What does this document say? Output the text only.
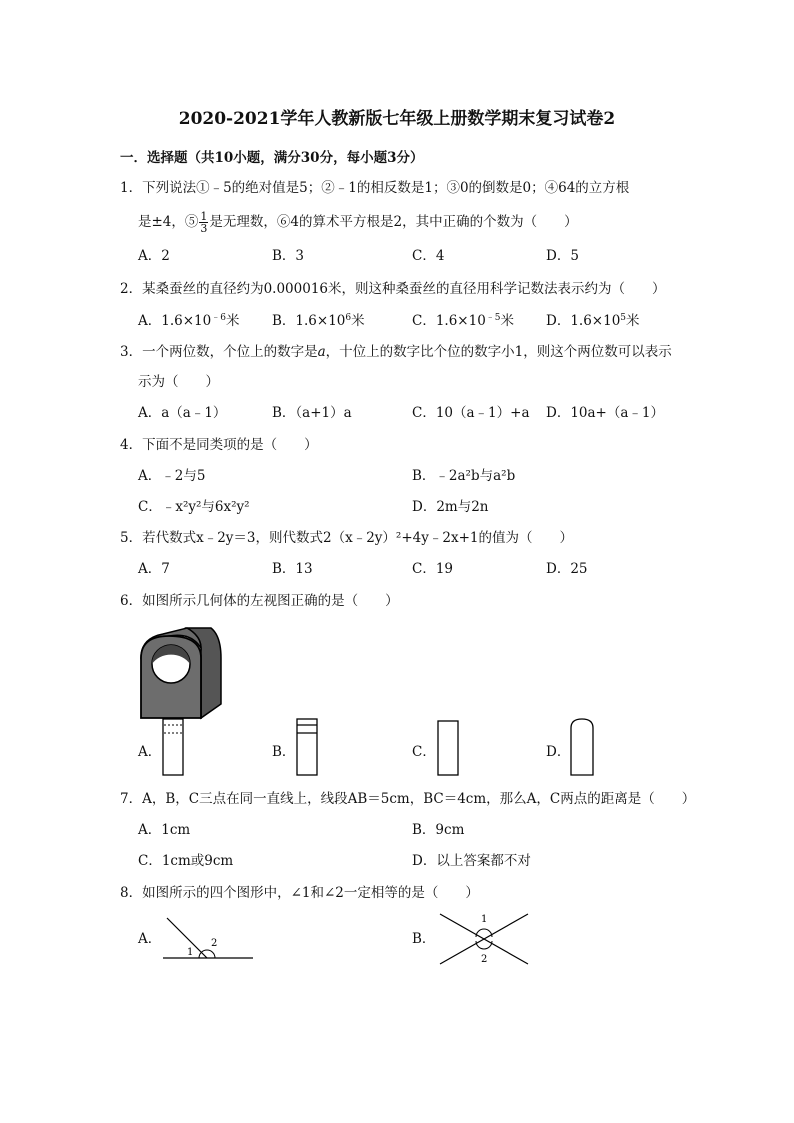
2020-2021学年人教新版七年级上册数学期末复习试卷2
一．选择题（共10小题，满分30分，每小题3分）
1．下列说法①﹣5的绝对值是5；②﹣1的相反数是1；③0的倒数是0；④64的立方根
是±4，⑤ $\frac{1}{3}$ 是无理数，⑥4的算术平方根是2，其中正确的个数为（　　）
A．2	B．3	C．4	D．5
2．某桑蚕丝的直径约为0.000016米，则这种桑蚕丝的直径用科学记数法表示约为（　　）
A．$1.6\times 10^{﹣6}$米 B．$1.6\times 10^6$米	C．$1.6\times 10^{﹣5}$米 D．$1.6\times 10^5$米
3．一个两位数，个位上的数字是a，十位上的数字比个位的数字小1，则这个两位数可以表示
示为（　　）
A．a（a﹣1）	B．（a+1）a	C．10（a﹣1）+a D．10a+（a﹣1）
4．下面不是同类项的是（　　）
A．﹣2与5	B．﹣2a²b与a²b
C．﹣x²y²与6x²y²	D．2m与2n
5．若代数式x﹣2y＝3，则代数式2（x﹣2y）²+4y﹣2x+1的值为（　　）
A．7	B．13	C．19	D．25
6．如图所示几何体的左视图正确的是（　　）
A．	B．	C．	D．
7．A，B，C三点在同一直线上，线段AB＝5cm，BC＝4cm，那么A，C两点的距离是（　　）
A．1cm	B．9cm
C．1cm或9cm	D．以上答案都不对
8．如图所示的四个图形中，∠1和∠2一定相等的是（　　）
A．
1
2	B．
1
2
